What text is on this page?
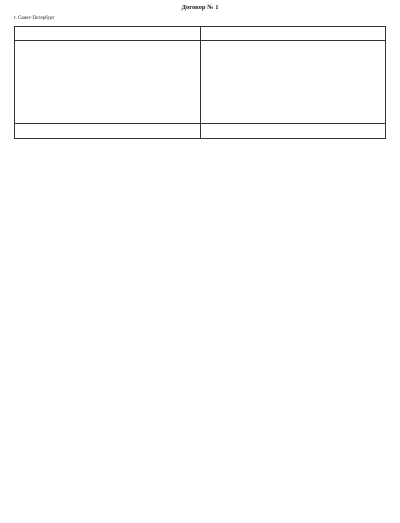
Договор № 1

г. Санкт-Петербург
